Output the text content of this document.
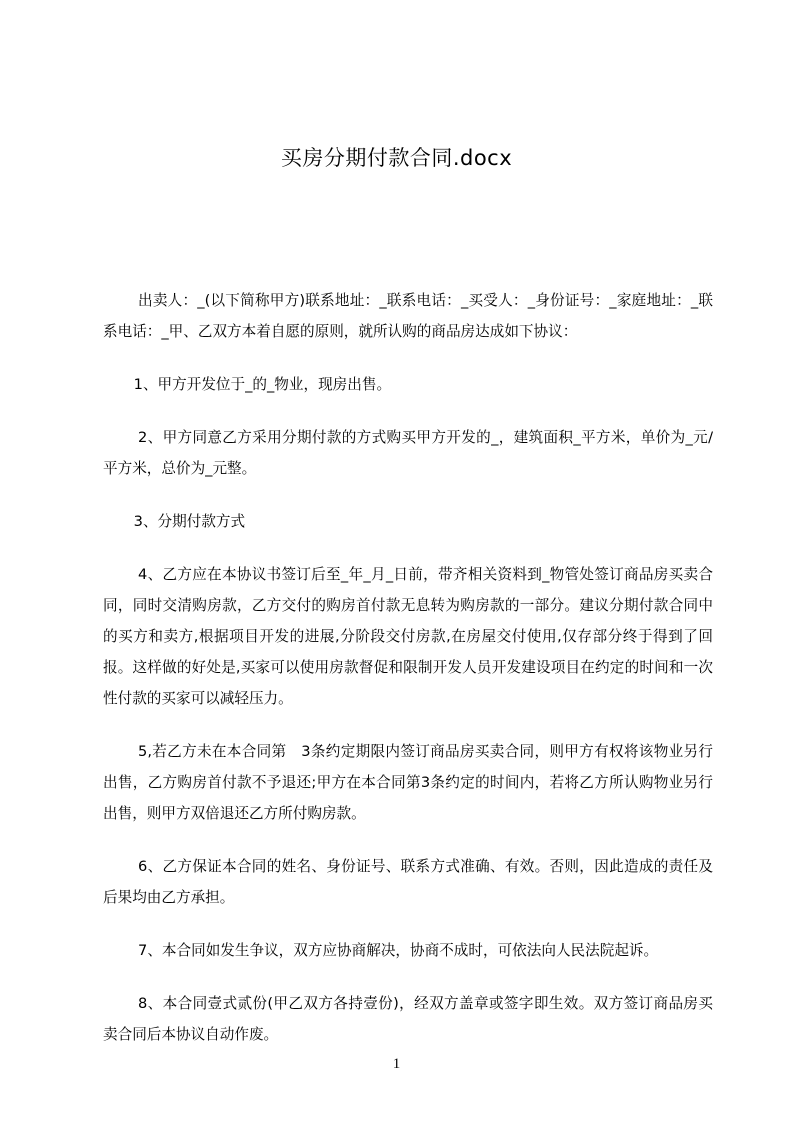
买房分期付款合同.docx

出卖人：_(以下简称甲方)联系地址：_联系电话：_买受人：_身份证号：_家庭地址：_联系电话：_甲、乙双方本着自愿的原则，就所认购的商品房达成如下协议：

1、甲方开发位于_的_物业，现房出售。

2、甲方同意乙方采用分期付款的方式购买甲方开发的_，建筑面积_平方米，单价为_元/平方米，总价为_元整。

3、分期付款方式

4、乙方应在本协议书签订后至_年_月_日前，带齐相关资料到_物管处签订商品房买卖合同，同时交清购房款，乙方交付的购房首付款无息转为购房款的一部分。建议分期付款合同中的买方和卖方,根据项目开发的进展,分阶段交付房款,在房屋交付使用,仅存部分终于得到了回报。这样做的好处是,买家可以使用房款督促和限制开发人员开发建设项目在约定的时间和一次性付款的买家可以减轻压力。

5,若乙方未在本合同第　3条约定期限内签订商品房买卖合同，则甲方有权将该物业另行出售，乙方购房首付款不予退还;甲方在本合同第3条约定的时间内，若将乙方所认购物业另行出售，则甲方双倍退还乙方所付购房款。

6、乙方保证本合同的姓名、身份证号、联系方式准确、有效。否则，因此造成的责任及后果均由乙方承担。

7、本合同如发生争议，双方应协商解决，协商不成时，可依法向人民法院起诉。

8、本合同壹式贰份(甲乙双方各持壹份)，经双方盖章或签字即生效。双方签订商品房买卖合同后本协议自动作废。

1
